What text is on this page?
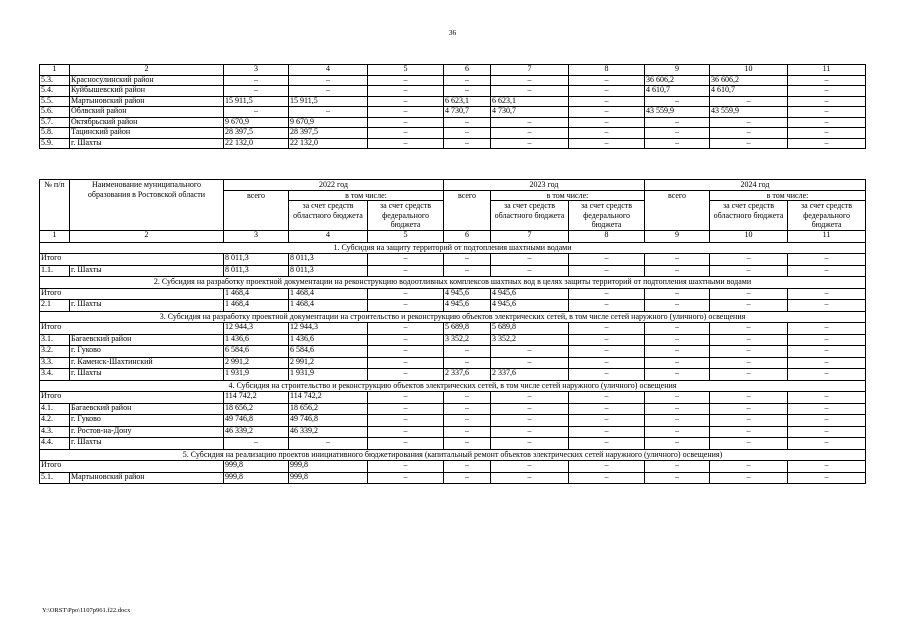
36
1	2	3	4	5	6	7	8	9	10	11
5.3.	Красносулинский район	–	–	–	–	–	–	36 606,2	36 606,2	–
5.4.	Куйбышевский район	–	–	–	–	–	–	4 610,7	4 610,7	–
5.5.	Мартыновский район	15 911,5	15 911,5	–	6 623,1	6 623,1	–	–	–	–
5.6.	Облвский район	–	–	–	4 730,7	4 730,7	–	43 559,9	43 559,9	–
5.7.	Октябрьский район	9 670,9	9 670,9	–	–	–	–	–	–	–
5.8.	Тацинский район	28 397,5	28 397,5	–	–	–	–	–	–	–
5.9.	г. Шахты	22 132,0	22 132,0	–	–	–	–	–	–	–
№ п/п	Наименование муниципального образования в Ростовской области	2022 год			2023 год			2024 год		
		всего	в том числе:		всего	в том числе:		всего	в том числе:	
			за счет средств областного бюджета	за счет средств федерального бюджета		за счет средств областного бюджета	за счет средств федерального бюджета		за счет средств областного бюджета	за счет средств федерального бюджета
1	2	3	4	5	6	7	8	9	10	11
1. Субсидия на защиту территорий от подтопления шахтными водами										
Итого		8 011,3	8 011,3	–	–	–	–	–	–	–
1.1.	г. Шахты	8 011,3	8 011,3	–	–	–	–	–	–	–
2. Субсидия на разработку проектной документации на реконструкцию водоотливных комплексов шахтных вод в целях защиты территорий от подтопления шахтными водами										
Итого		1 468,4	1 468,4	–	4 945,6	4 945,6	–	–	–	–
2.1	г. Шахты	1 468,4	1 468,4	–	4 945,6	4 945,6	–	–	–	–
3. Субсидия на разработку проектной документации на строительство и реконструкцию объектов электрических сетей, в том числе сетей наружного (уличного) освещения										
Итого		12 944,3	12 944,3	–	5 689,8	5 689,8	–	–	–	–
3.1.	Багаевский район	1 436,6	1 436,6	–	3 352,2	3 352,2	–	–	–	–
3.2.	г. Гуково	6 584,6	6 584,6	–	–	–	–	–	–	–
3.3.	г. Каменск-Шахтинский	2 991,2	2 991,2	–	–	–	–	–	–	–
3.4.	г. Шахты	1 931,9	1 931,9	–	2 337,6	2 337,6	–	–	–	–
4. Субсидия на строительство и реконструкцию объектов электрических сетей, в том числе сетей наружного (уличного) освещения										
Итого		114 742,2	114 742,2	–	–	–	–	–	–	–
4.1.	Багаевский район	18 656,2	18 656,2	–	–	–	–	–	–	–
4.2.	г. Гуково	49 746,8	49 746,8	–	–	–	–	–	–	–
4.3.	г. Ростов-на-Дону	46 339,2	46 339,2	–	–	–	–	–	–	–
4.4.	г. Шахты	–	–	–	–	–	–	–	–	–
5. Субсидия на реализацию проектов инициативного бюджетирования (капитальный ремонт объектов электрических сетей наружного (уличного) освещения)										
Итого		999,8	999,8	–	–	–	–	–	–	–
5.1.	Мартыновский район	999,8	999,8	–	–	–	–	–	–	–
Y:\ORST\Ppo\1107p961.f22.docx
